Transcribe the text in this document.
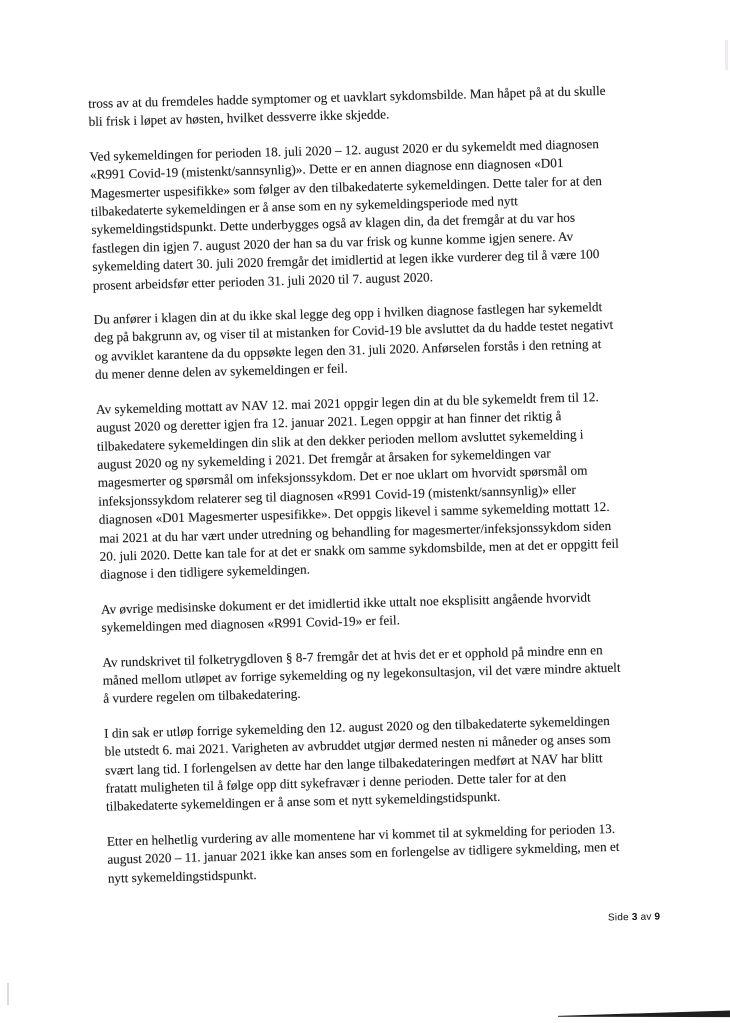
tross av at du fremdeles hadde symptomer og et uavklart sykdomsbilde. Man håpet på at du skulle
bli frisk i løpet av høsten, hvilket dessverre ikke skjedde.

Ved sykemeldingen for perioden 18. juli 2020 – 12. august 2020 er du sykemeldt med diagnosen
«R991 Covid-19 (mistenkt/sannsynlig)». Dette er en annen diagnose enn diagnosen «D01
Magesmerter uspesifikke» som følger av den tilbakedaterte sykemeldingen. Dette taler for at den
tilbakedaterte sykemeldingen er å anse som en ny sykemeldingsperiode med nytt
sykemeldingstidspunkt. Dette underbygges også av klagen din, da det fremgår at du var hos
fastlegen din igjen 7. august 2020 der han sa du var frisk og kunne komme igjen senere. Av
sykemelding datert 30. juli 2020 fremgår det imidlertid at legen ikke vurderer deg til å være 100
prosent arbeidsfør etter perioden 31. juli 2020 til 7. august 2020.

Du anfører i klagen din at du ikke skal legge deg opp i hvilken diagnose fastlegen har sykemeldt
deg på bakgrunn av, og viser til at mistanken for Covid-19 ble avsluttet da du hadde testet negativt
og avviklet karantene da du oppsøkte legen den 31. juli 2020. Anførselen forstås i den retning at
du mener denne delen av sykemeldingen er feil.

Av sykemelding mottatt av NAV 12. mai 2021 oppgir legen din at du ble sykemeldt frem til 12.
august 2020 og deretter igjen fra 12. januar 2021. Legen oppgir at han finner det riktig å
tilbakedatere sykemeldingen din slik at den dekker perioden mellom avsluttet sykemelding i
august 2020 og ny sykemelding i 2021. Det fremgår at årsaken for sykemeldingen var
magesmerter og spørsmål om infeksjonssykdom. Det er noe uklart om hvorvidt spørsmål om
infeksjonssykdom relaterer seg til diagnosen «R991 Covid-19 (mistenkt/sannsynlig)» eller
diagnosen «D01 Magesmerter uspesifikke». Det oppgis likevel i samme sykemelding mottatt 12.
mai 2021 at du har vært under utredning og behandling for magesmerter/infeksjonssykdom siden
20. juli 2020. Dette kan tale for at det er snakk om samme sykdomsbilde, men at det er oppgitt feil
diagnose i den tidligere sykemeldingen.

Av øvrige medisinske dokument er det imidlertid ikke uttalt noe eksplisitt angående hvorvidt
sykemeldingen med diagnosen «R991 Covid-19» er feil.

Av rundskrivet til folketrygdloven § 8-7 fremgår det at hvis det er et opphold på mindre enn en
måned mellom utløpet av forrige sykemelding og ny legekonsultasjon, vil det være mindre aktuelt
å vurdere regelen om tilbakedatering.

I din sak er utløp forrige sykemelding den 12. august 2020 og den tilbakedaterte sykemeldingen
ble utstedt 6. mai 2021. Varigheten av avbruddet utgjør dermed nesten ni måneder og anses som
svært lang tid. I forlengelsen av dette har den lange tilbakedateringen medført at NAV har blitt
fratatt muligheten til å følge opp ditt sykefravær i denne perioden. Dette taler for at den
tilbakedaterte sykemeldingen er å anse som et nytt sykemeldingstidspunkt.

Etter en helhetlig vurdering av alle momentene har vi kommet til at sykmelding for perioden 13.
august 2020 – 11. januar 2021 ikke kan anses som en forlengelse av tidligere sykmelding, men et
nytt sykemeldingstidspunkt.

Side 3 av 9
